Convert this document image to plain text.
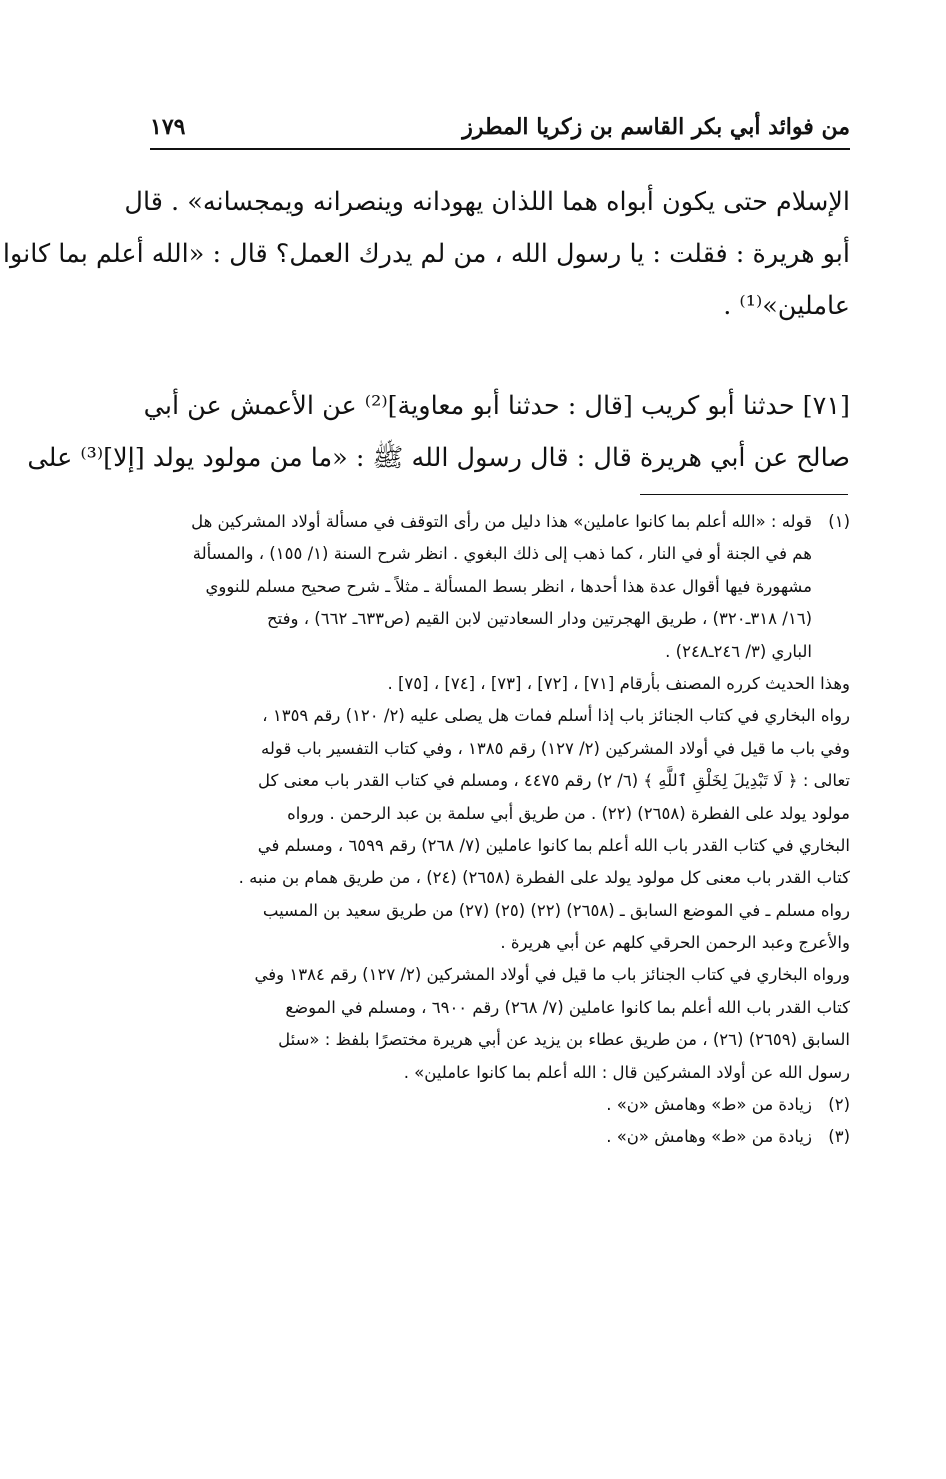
من فوائد أبي بكر القاسم بن زكريا المطرز
١٧٩
الإسلام حتى يكون أبواه هما اللذان يهودانه وينصرانه ويمجسانه» . قال
أبو هريرة : فقلت : يا رسول الله ، من لم يدرك العمل؟ قال : «الله أعلم بما كانوا
عاملين»⁽¹⁾ .
[٧١] حدثنا أبو كريب [قال : حدثنا أبو معاوية]⁽²⁾ عن الأعمش عن أبي
صالح عن أبي هريرة قال : قال رسول الله ﷺ : «ما من مولود يولد [إلا]⁽³⁾ على
(١)
قوله : «الله أعلم بما كانوا عاملين» هذا دليل من رأى التوقف في مسألة أولاد المشركين هل
هم في الجنة أو في النار ، كما ذهب إلى ذلك البغوي . انظر شرح السنة (١/ ١٥٥) ، والمسألة
مشهورة فيها أقوال عدة هذا أحدها ، انظر بسط المسألة ـ مثلاً ـ شرح صحيح مسلم للنووي
(١٦/ ٣١٨ـ٣٢٠) ، طريق الهجرتين ودار السعادتين لابن القيم (ص٦٣٣ـ ٦٦٢) ، وفتح
الباري (٣/ ٢٤٦ـ٢٤٨) .
وهذا الحديث كرره المصنف بأرقام [٧١] ، [٧٢] ، [٧٣] ، [٧٤] ، [٧٥] .
رواه البخاري في كتاب الجنائز باب إذا أسلم فمات هل يصلى عليه (٢/ ١٢٠) رقم ١٣٥٩ ،
وفي باب ما قيل في أولاد المشركين (٢/ ١٢٧) رقم ١٣٨٥ ، وفي كتاب التفسير باب قوله
تعالى : ﴿ لَا تَبْدِيلَ لِخَلْقِ ٱللَّهِ ﴾ (٦/ ٢) رقم ٤٤٧٥ ، ومسلم في كتاب القدر باب معنى كل
مولود يولد على الفطرة (٢٦٥٨) (٢٢) . من طريق أبي سلمة بن عبد الرحمن . ورواه
البخاري في كتاب القدر باب الله أعلم بما كانوا عاملين (٧/ ٢٦٨) رقم ٦٥٩٩ ، ومسلم في
كتاب القدر باب معنى كل مولود يولد على الفطرة (٢٦٥٨) (٢٤) ، من طريق همام بن منبه .
رواه مسلم ـ في الموضع السابق ـ (٢٦٥٨) (٢٢) (٢٥) (٢٧) من طريق سعيد بن المسيب
والأعرج وعبد الرحمن الحرقي كلهم عن أبي هريرة .
ورواه البخاري في كتاب الجنائز باب ما قيل في أولاد المشركين (٢/ ١٢٧) رقم ١٣٨٤ وفي
كتاب القدر باب الله أعلم بما كانوا عاملين (٧/ ٢٦٨) رقم ٦٩٠٠ ، ومسلم في الموضع
السابق (٢٦٥٩) (٢٦) ، من طريق عطاء بن يزيد عن أبي هريرة مختصرًا بلفظ : «سئل
رسول الله عن أولاد المشركين قال : الله أعلم بما كانوا عاملين» .
(٢)
زيادة من «ط» وهامش «ن» .
(٣)
زيادة من «ط» وهامش «ن» .
